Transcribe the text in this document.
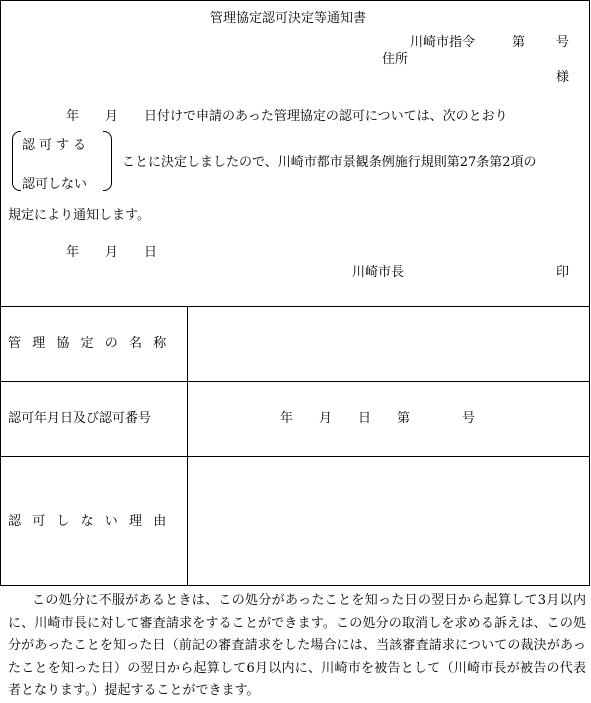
管理協定認可決定等通知書
川崎市指令	第 号
住所
様
年　　月　　日付けで申請のあった管理協定の認可については、次のとおり
認可する
認可しない
ことに決定しましたので、川崎市都市景観条例施行規則第27条第2項の
規定により通知します。
年　　月　　日
川崎市長	印
管理協定の名称
認可年月日及び認可番号	年　　月　　日　　第　　　　号
認可しない理由
この処分に不服があるときは、この処分があったことを知った日の翌日から起算して3月以内に、川崎市長に対して審査請求をすることができます。この処分の取消しを求める訴えは、この処分があったことを知った日（前記の審査請求をした場合には、当該審査請求についての裁決があったことを知った日）の翌日から起算して6月以内に、川崎市を被告として（川崎市長が被告の代表者となります。）提起することができます。
